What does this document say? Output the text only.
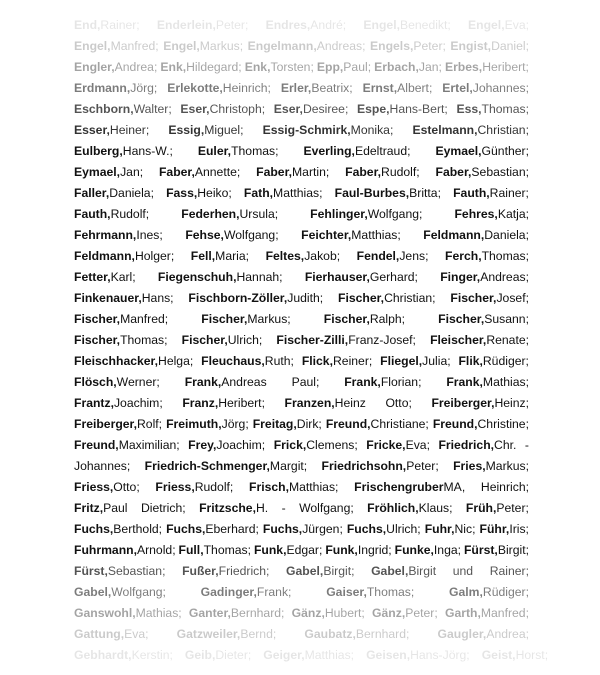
End,Rainer; Enderlein,Peter; Endres,André; Engel,Benedikt; Engel,Eva;
Engel,Manfred; Engel,Markus; Engelmann,Andreas; Engels,Peter; Engist,Daniel;
Engler,Andrea; Enk,Hildegard; Enk,Torsten; Epp,Paul; Erbach,Jan; Erbes,Heribert;
Erdmann,Jörg; Erlekotte,Heinrich; Erler,Beatrix; Ernst,Albert; Ertel,Johannes;
Eschborn,Walter; Eser,Christoph; Eser,Desiree; Espe,Hans-Bert; Ess,Thomas;
Esser,Heiner; Essig,Miguel; Essig-Schmirk,Monika; Estelmann,Christian;
Eulberg,Hans-W.; Euler,Thomas; Everling,Edeltraud; Eymael,Günther;
Eymael,Jan; Faber,Annette; Faber,Martin; Faber,Rudolf; Faber,Sebastian;
Faller,Daniela; Fass,Heiko; Fath,Matthias; Faul-Burbes,Britta; Fauth,Rainer;
Fauth,Rudolf;	Federhen,Ursula;	Fehlinger,Wolfgang;	Fehres,Katja;
Fehrmann,Ines; Fehse,Wolfgang; Feichter,Matthias; Feldmann,Daniela;
Feldmann,Holger; Fell,Maria; Feltes,Jakob; Fendel,Jens; Ferch,Thomas;
Fetter,Karl; Fiegenschuh,Hannah; Fierhauser,Gerhard; Finger,Andreas;
Finkenauer,Hans; Fischborn-Zöller,Judith; Fischer,Christian; Fischer,Josef;
Fischer,Manfred;	Fischer,Markus;	Fischer,Ralph;	Fischer,Susann;
Fischer,Thomas; Fischer,Ulrich; Fischer-Zilli,Franz-Josef; Fleischer,Renate;
Fleischhacker,Helga; Fleuchaus,Ruth; Flick,Reiner; Fliegel,Julia; Flik,Rüdiger;
Flösch,Werner; Frank,Andreas Paul; Frank,Florian; Frank,Mathias;
Frantz,Joachim; Franz,Heribert; Franzen,Heinz Otto; Freiberger,Heinz;
Freiberger,Rolf; Freimuth,Jörg; Freitag,Dirk; Freund,Christiane; Freund,Christine;
Freund,Maximilian; Frey,Joachim; Frick,Clemens; Fricke,Eva; Friedrich,Chr. -
Johannes; Friedrich-Schmenger,Margit; Friedrichsohn,Peter; Fries,Markus;
Friess,Otto; Friess,Rudolf; Frisch,Matthias; FrischengruberMA, Heinrich;
Fritz,Paul Dietrich; Fritzsche,H. - Wolfgang; Fröhlich,Klaus; Früh,Peter;
Fuchs,Berthold; Fuchs,Eberhard; Fuchs,Jürgen; Fuchs,Ulrich; Fuhr,Nic; Führ,Iris;
Fuhrmann,Arnold; Full,Thomas; Funk,Edgar; Funk,Ingrid; Funke,Inga; Fürst,Birgit;
Fürst,Sebastian; Fußer,Friedrich; Gabel,Birgit; Gabel,Birgit und Rainer;
Gabel,Wolfgang;	Gadinger,Frank;	Gaiser,Thomas;	Galm,Rüdiger;
Ganswohl,Mathias; Ganter,Bernhard; Gänz,Hubert; Gänz,Peter; Garth,Manfred;
Gattung,Eva; Gatzweiler,Bernd; Gaubatz,Bernhard; Gaugler,Andrea;
Gebhardt,Kerstin; Geib,Dieter; Geiger,Matthias; Geisen,Hans-Jörg; Geist,Horst;
